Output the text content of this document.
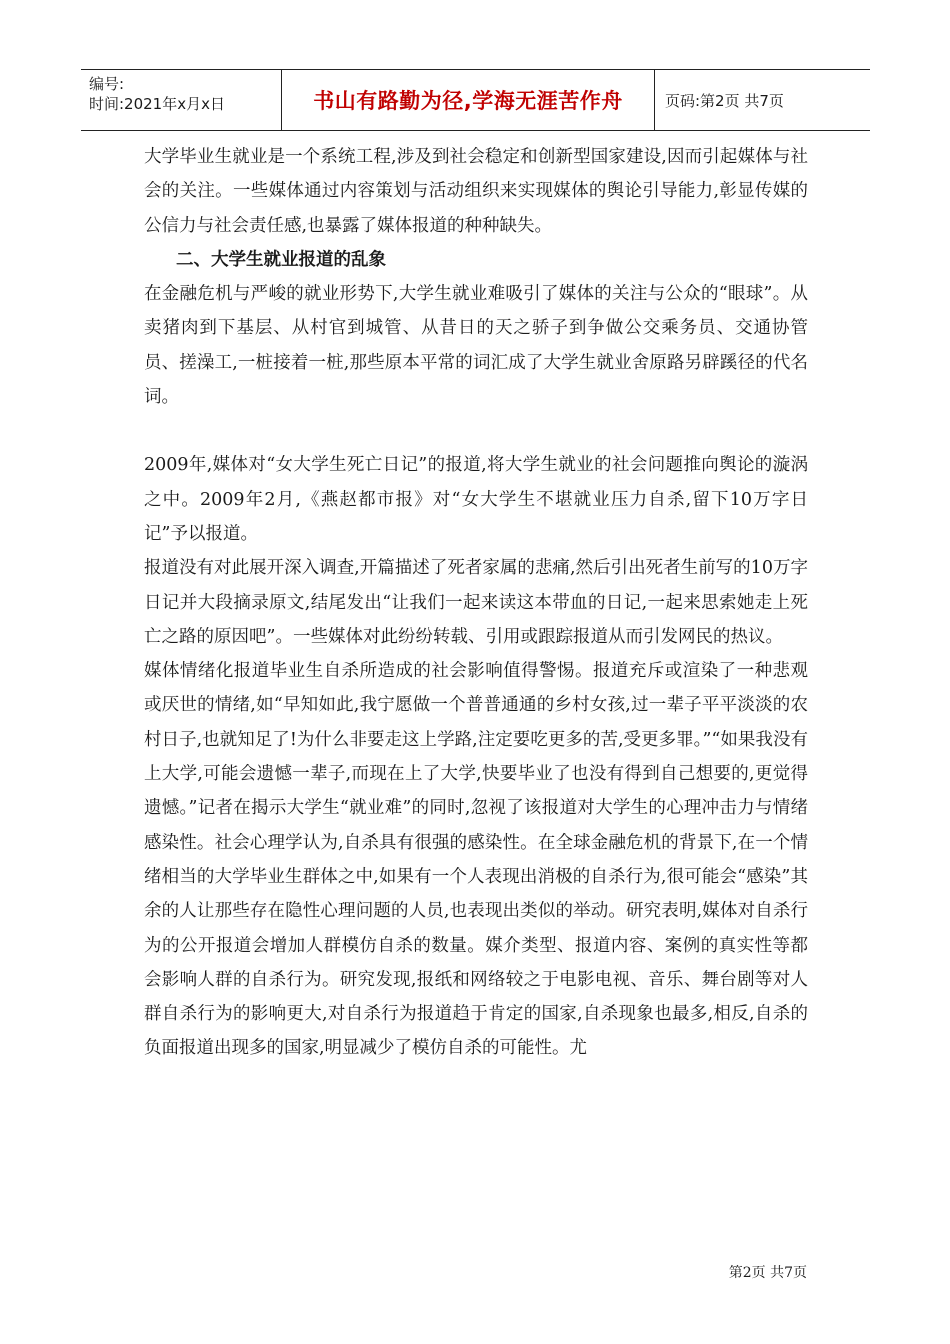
编号:
时间:2021年x月x日	书山有路勤为径,学海无涯苦作舟	页码:第2页 共7页

大学毕业生就业是一个系统工程,涉及到社会稳定和创新型国家建设,因而引起媒体与社会的关注。一些媒体通过内容策划与活动组织来实现媒体的舆论引导能力,彰显传媒的公信力与社会责任感,也暴露了媒体报道的种种缺失。

二、大学生就业报道的乱象

在金融危机与严峻的就业形势下,大学生就业难吸引了媒体的关注与公众的“眼球”。从卖猪肉到下基层、从村官到城管、从昔日的天之骄子到争做公交乘务员、交通协管员、搓澡工,一桩接着一桩,那些原本平常的词汇成了大学生就业舍原路另辟蹊径的代名词。

2009年,媒体对“女大学生死亡日记”的报道,将大学生就业的社会问题推向舆论的漩涡之中。2009年2月,《燕赵都市报》对“女大学生不堪就业压力自杀,留下10万字日记”予以报道。

报道没有对此展开深入调查,开篇描述了死者家属的悲痛,然后引出死者生前写的10万字日记并大段摘录原文,结尾发出“让我们一起来读这本带血的日记,一起来思索她走上死亡之路的原因吧”。一些媒体对此纷纷转载、引用或跟踪报道从而引发网民的热议。

媒体情绪化报道毕业生自杀所造成的社会影响值得警惕。报道充斥或渲染了一种悲观或厌世的情绪,如“早知如此,我宁愿做一个普普通通的乡村女孩,过一辈子平平淡淡的农村日子,也就知足了!为什么非要走这上学路,注定要吃更多的苦,受更多罪。”“如果我没有上大学,可能会遗憾一辈子,而现在上了大学,快要毕业了也没有得到自己想要的,更觉得遗憾。”记者在揭示大学生“就业难”的同时,忽视了该报道对大学生的心理冲击力与情绪感染性。社会心理学认为,自杀具有很强的感染性。在全球金融危机的背景下,在一个情绪相当的大学毕业生群体之中,如果有一个人表现出消极的自杀行为,很可能会“感染”其余的人让那些存在隐性心理问题的人员,也表现出类似的举动。研究表明,媒体对自杀行为的公开报道会增加人群模仿自杀的数量。媒介类型、报道内容、案例的真实性等都会影响人群的自杀行为。研究发现,报纸和网络较之于电影电视、音乐、舞台剧等对人群自杀行为的影响更大,对自杀行为报道趋于肯定的国家,自杀现象也最多,相反,自杀的负面报道出现多的国家,明显减少了模仿自杀的可能性。尤

第2页 共7页
